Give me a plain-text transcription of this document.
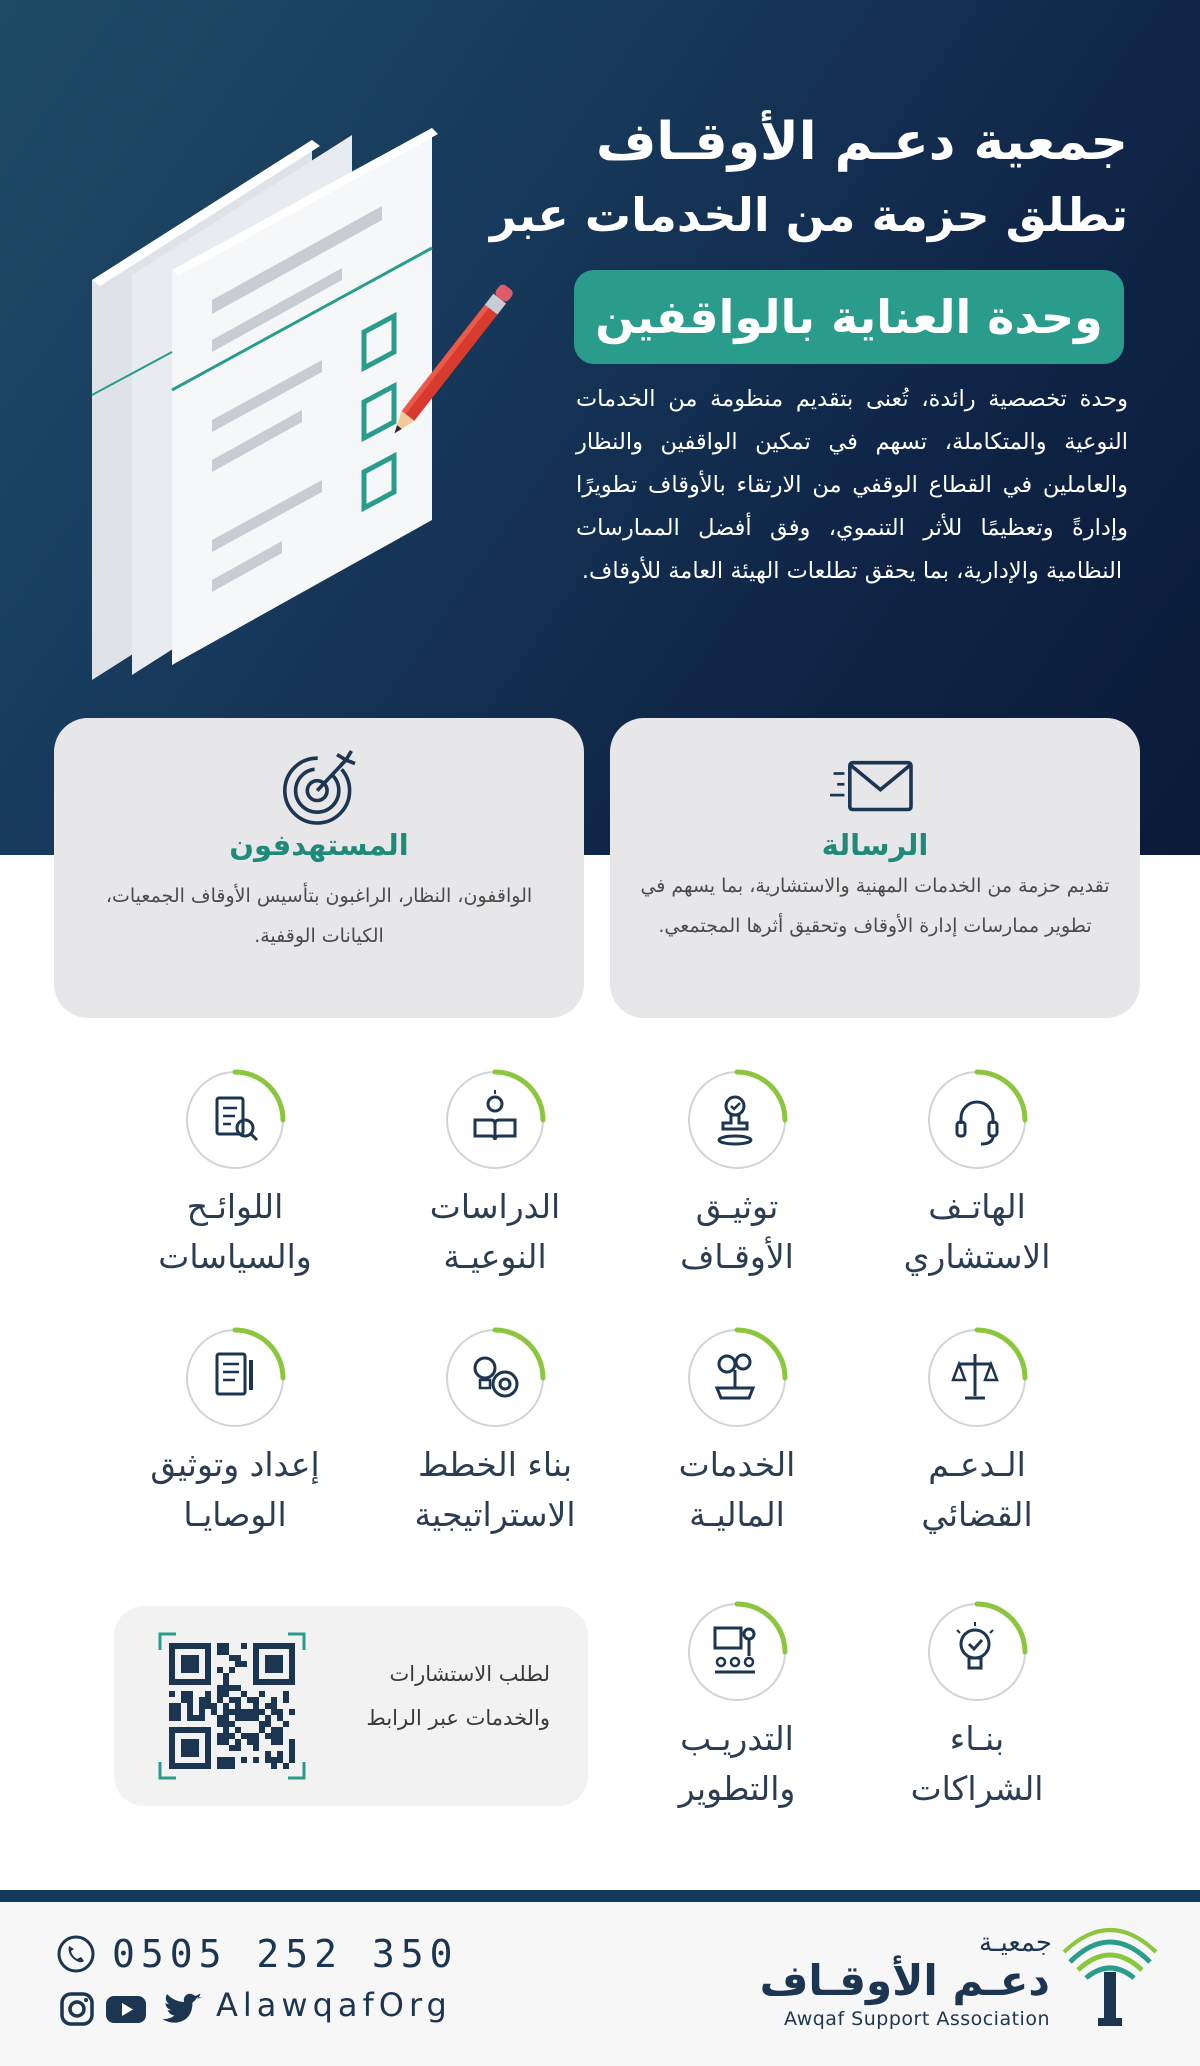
جمعية دعـم الأوقـاف
تطلق حزمة من الخدمات عبر
وحدة العناية بالواقفين
وحدة تخصصية رائدة، تُعنى بتقديم منظومة من الخدمات النوعية والمتكاملة، تسهم في تمكين الواقفين والنظار والعاملين في القطاع الوقفي من الارتقاء بالأوقاف تطويرًا وإدارةً وتعظيمًا للأثر التنموي، وفق أفضل الممارسات النظامية والإدارية، بما يحقق تطلعات الهيئة العامة للأوقاف.
الرسالة

تقديم حزمة من الخدمات المهنية والاستشارية، بما يسهم في تطوير ممارسات إدارة الأوقاف وتحقيق أثرها المجتمعي.

المستهدفون

الواقفون، النظار، الراغبون بتأسيس الأوقاف الجمعيات، الكيانات الوقفية.

الهاتـف
الاستشاري
توثيـق
الأوقـاف
الدراسات
النوعيـة
اللوائـح
والسياسات
الـدعـم
القضائي
الخدمات
الماليـة
بناء الخطط
الاستراتيجية
إعداد وتوثيق
الوصايـا
بنـاء
الشراكات
التدريـب
والتطوير
لطلب الاستشارات
والخدمات عبر الرابط
0505 252 350
AlawqafOrg
جمعيـة
دعـم الأوقـاف
Awqaf Support Association
